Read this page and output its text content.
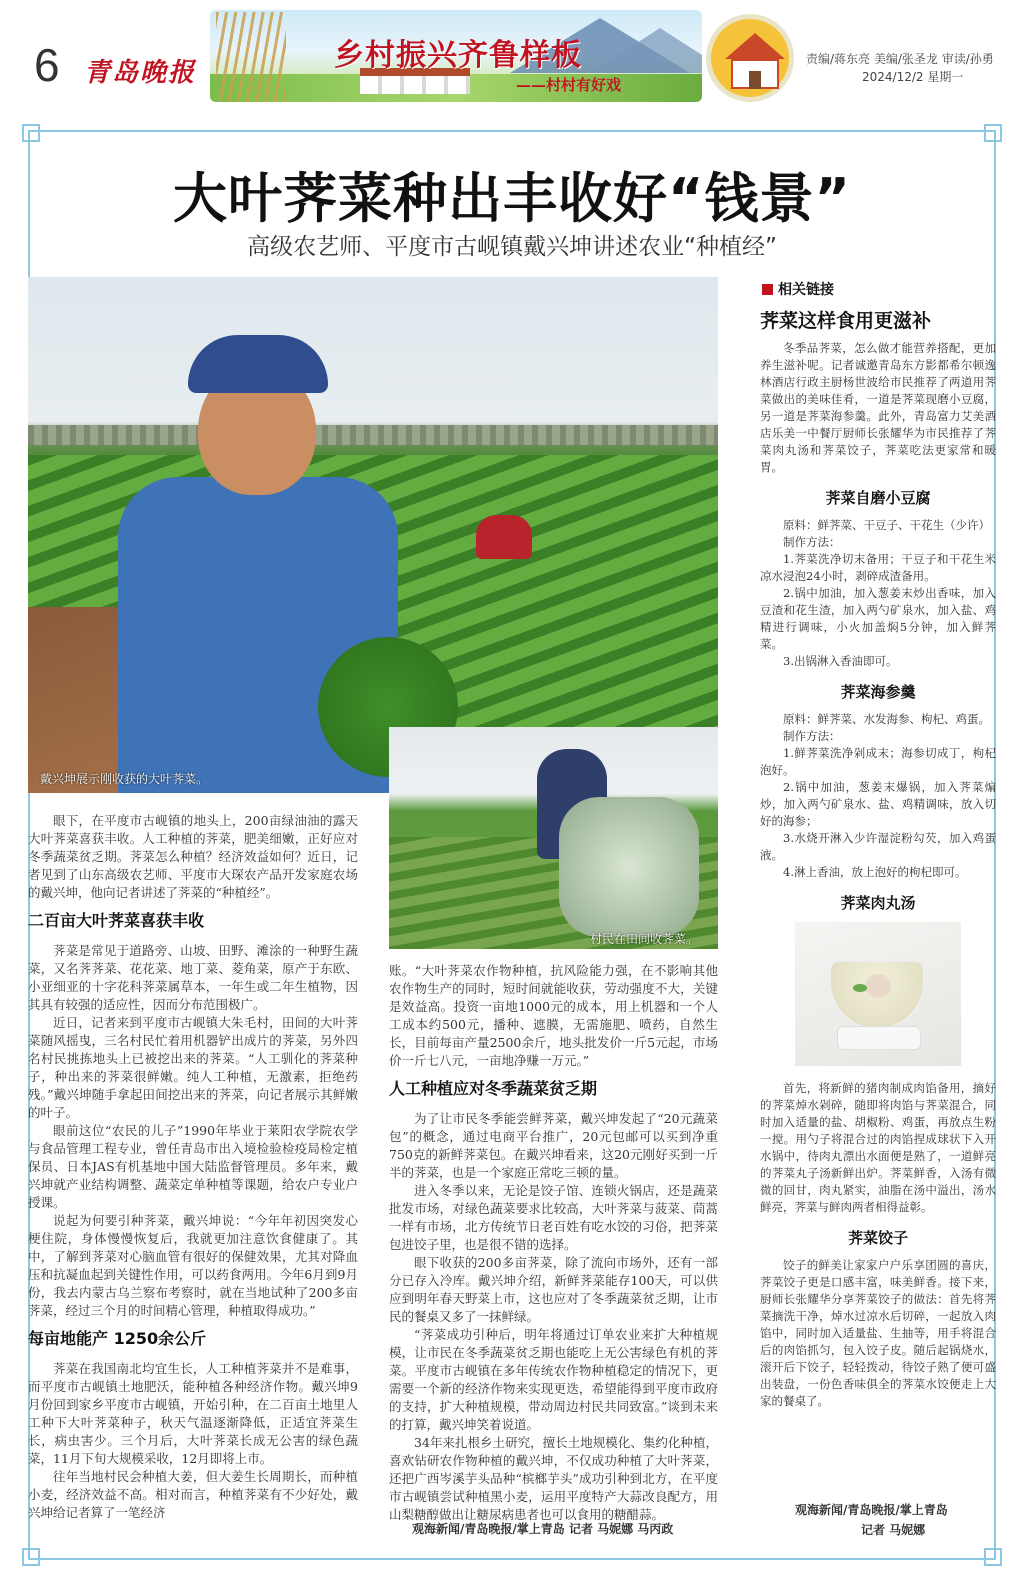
6 青岛晚报	乡村振兴齐鲁样板
——村村有好戏
责编/蒋东亮 美编/张圣龙 审读/孙勇
2024/12/2 星期一
大叶荠菜种出丰收好“钱景”
高级农艺师、平度市古岘镇戴兴坤讲述农业“种植经”
戴兴坤展示刚收获的大叶荠菜。
村民在田间收荠菜。

眼下，在平度市古岘镇的地头上，200亩绿油油的露天大叶荠菜喜获丰收。人工种植的荠菜，肥美细嫩，正好应对冬季蔬菜贫乏期。荠菜怎么种植？经济效益如何？近日，记者见到了山东高级农艺师、平度市大琛农产品开发家庭农场的戴兴坤，他向记者讲述了荠菜的“种植经”。

二百亩大叶荠菜喜获丰收

荠菜是常见于道路旁、山坡、田野、滩涂的一种野生蔬菜，又名荠荠菜、花花菜、地丁菜、菱角菜，原产于东欧、小亚细亚的十字花科荠菜属草本，一年生或二年生植物，因其具有较强的适应性，因而分布范围极广。

近日，记者来到平度市古岘镇大朱毛村，田间的大叶荠菜随风摇曳，三名村民忙着用机器铲出成片的荠菜，另外四名村民挑拣地头上已被挖出来的荠菜。“人工驯化的荠菜种子，种出来的荠菜很鲜嫩。纯人工种植，无激素，拒绝药残。”戴兴坤随手拿起田间挖出来的荠菜，向记者展示其鲜嫩的叶子。

眼前这位“农民的儿子”1990年毕业于莱阳农学院农学与食品管理工程专业，曾任青岛市出入境检验检疫局检定植保员、日本JAS有机基地中国大陆监督管理员。多年来，戴兴坤就产业结构调整、蔬菜定单种植等课题，给农户专业户授课。

说起为何要引种荠菜，戴兴坤说：“今年年初因突发心梗住院，身体慢慢恢复后，我就更加注意饮食健康了。其中，了解到荠菜对心脑血管有很好的保健效果，尤其对降血压和抗凝血起到关键性作用，可以药食两用。今年6月到9月份，我去内蒙古乌兰察布考察时，就在当地试种了200多亩荠菜，经过三个月的时间精心管理，种植取得成功。”

每亩地能产 1250余公斤

荠菜在我国南北均宜生长，人工种植荠菜并不是难事，而平度市古岘镇土地肥沃，能种植各种经济作物。戴兴坤9月份回到家乡平度市古岘镇，开始引种，在二百亩土地里人工种下大叶荠菜种子，秋天气温逐渐降低，正适宜荠菜生长，病虫害少。三个月后，大叶荠菜长成无公害的绿色蔬菜，11月下旬大规模采收，12月即将上市。

往年当地村民会种植大姜，但大姜生长周期长，而种植小麦，经济效益不高。相对而言，种植荠菜有不少好处，戴兴坤给记者算了一笔经济

账。“大叶荠菜农作物种植，抗风险能力强，在不影响其他农作物生产的同时，短时间就能收获，劳动强度不大，关键是效益高。投资一亩地1000元的成本，用上机器和一个人工成本约500元，播种、遮膜，无需施肥、喷药，自然生长，目前每亩产量2500余斤，地头批发价一斤5元起，市场价一斤七八元，一亩地净赚一万元。”

人工种植应对冬季蔬菜贫乏期

为了让市民冬季能尝鲜荠菜，戴兴坤发起了“20元蔬菜包”的概念，通过电商平台推广，20元包邮可以买到净重750克的新鲜荠菜包。在戴兴坤看来，这20元刚好买到一斤半的荠菜，也是一个家庭正常吃三顿的量。

进入冬季以来，无论是饺子馆、连锁火锅店，还是蔬菜批发市场，对绿色蔬菜要求比较高，大叶荠菜与菠菜、茼蒿一样有市场，北方传统节日老百姓有吃水饺的习俗，把荠菜包进饺子里，也是很不错的选择。

眼下收获的200多亩荠菜，除了流向市场外，还有一部分已存入冷库。戴兴坤介绍，新鲜荠菜能存100天，可以供应到明年春天野菜上市，这也应对了冬季蔬菜贫乏期，让市民的餐桌又多了一抹鲜绿。

“荠菜成功引种后，明年将通过订单农业来扩大种植规模，让市民在冬季蔬菜贫乏期也能吃上无公害绿色有机的荠菜。平度市古岘镇在多年传统农作物种植稳定的情况下，更需要一个新的经济作物来实现更迭，希望能得到平度市政府的支持，扩大种植规模，带动周边村民共同致富。”谈到未来的打算，戴兴坤笑着说道。

34年来扎根乡土研究，擅长土地规模化、集约化种植，喜欢钻研农作物种植的戴兴坤，不仅成功种植了大叶荠菜，还把广西岑溪芋头品种“槟榔芋头”成功引种到北方，在平度市古岘镇尝试种植黑小麦，运用平度特产大蒜改良配方，用山梨糖醇做出让糖尿病患者也可以食用的糖醋蒜。

观海新闻/青岛晚报/掌上青岛 记者 马妮娜 马丙政
相关链接
荠菜这样食用更滋补

冬季品荠菜，怎么做才能营养搭配，更加养生滋补呢。记者诚邀青岛东方影都希尔顿逸林酒店行政主厨杨世波给市民推荐了两道用荠菜做出的美味佳肴，一道是荠菜现磨小豆腐，另一道是荠菜海参羹。此外，青岛富力艾美酒店乐美一中餐厅厨师长张耀华为市民推荐了荠菜肉丸汤和荠菜饺子，荠菜吃法更家常和暖胃。

荠菜自磨小豆腐

原料：鲜荠菜、干豆子、干花生（少许）

制作方法：

1.荠菜洗净切末备用；干豆子和干花生米凉水浸泡24小时，剥碎成渣备用。

2.锅中加油，加入葱姜末炒出香味，加入豆渣和花生渣，加入两勺矿泉水，加入盐、鸡精进行调味，小火加盖焖5分钟，加入鲜荠菜。

3.出锅淋入香油即可。

荠菜海参羹

原料：鲜荠菜、水发海参、枸杞、鸡蛋。

制作方法：

1.鲜荠菜洗净剁成末；海参切成丁，枸杞泡好。

2.锅中加油，葱姜末爆锅，加入荠菜煸炒，加入两勺矿泉水、盐、鸡精调味，放入切好的海参；

3.水烧开淋入少许湿淀粉勾芡，加入鸡蛋液。

4.淋上香油，放上泡好的枸杞即可。

荠菜肉丸汤

首先，将新鲜的猪肉制成肉馅备用，摘好的荠菜焯水剁碎，随即将肉馅与荠菜混合，同时加入适量的盐、胡椒粉、鸡蛋，再放点生粉一搅。用勺子将混合过的肉馅捏成球状下入开水锅中，待肉丸漂出水面便是熟了，一道鲜亮的荠菜丸子汤新鲜出炉。荠菜鲜香，入汤有微微的回甘，肉丸紧实，油脂在汤中溢出，汤水鲜亮，荠菜与鲜肉两者相得益彰。

荠菜饺子

饺子的鲜美让家家户户乐享团圆的喜庆，荠菜饺子更是口感丰富，味美鲜香。接下来，厨师长张耀华分享荠菜饺子的做法：首先将荠菜摘洗干净，焯水过凉水后切碎，一起放入肉馅中，同时加入适量盐、生抽等，用手将混合后的肉馅抓匀，包入饺子皮。随后起锅烧水，滚开后下饺子，轻轻拨动，待饺子熟了便可盛出装盘，一份色香味俱全的荠菜水饺便走上大家的餐桌了。

观海新闻/青岛晚报/掌上青岛
记者 马妮娜
